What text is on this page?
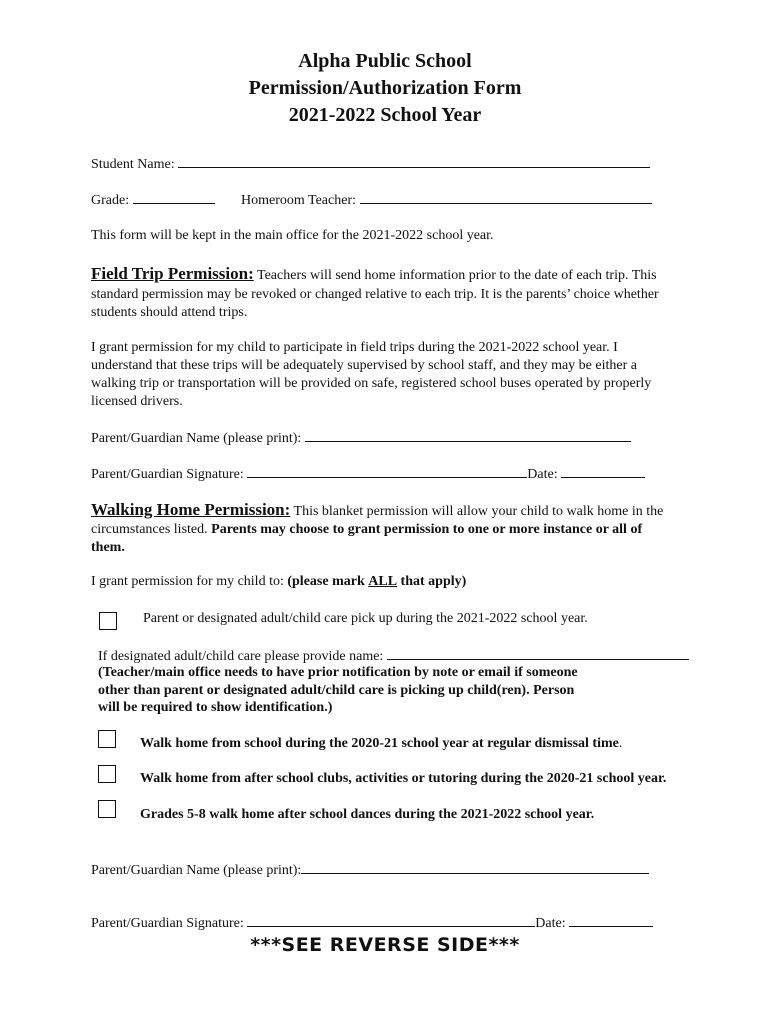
Alpha Public School
Permission/Authorization Form
2021-2022 School Year
Student Name:
Grade:	Homeroom Teacher:
This form will be kept in the main office for the 2021-2022 school year.
Field Trip Permission: Teachers will send home information prior to the date of each trip. This
standard permission may be revoked or changed relative to each trip. It is the parents’ choice whether
students should attend trips.
I grant permission for my child to participate in field trips during the 2021-2022 school year. I
understand that these trips will be adequately supervised by school staff, and they may be either a
walking trip or transportation will be provided on safe, registered school buses operated by properly
licensed drivers.
Parent/Guardian Name (please print):
Parent/Guardian Signature:	Date:
Walking Home Permission: This blanket permission will allow your child to walk home in the
circumstances listed. Parents may choose to grant permission to one or more instance or all of
them.
I grant permission for my child to: (please mark ALL that apply)
Parent or designated adult/child care pick up during the 2021-2022 school year.
If designated adult/child care please provide name:
(Teacher/main office needs to have prior notification by note or email if someone
other than parent or designated adult/child care is picking up child(ren). Person
will be required to show identification.)
Walk home from school during the 2020-21 school year at regular dismissal time.
Walk home from after school clubs, activities or tutoring during the 2020-21 school year.
Grades 5-8 walk home after school dances during the 2021-2022 school year.
Parent/Guardian Name (please print):
Parent/Guardian Signature:	Date:
***SEE REVERSE SIDE***
